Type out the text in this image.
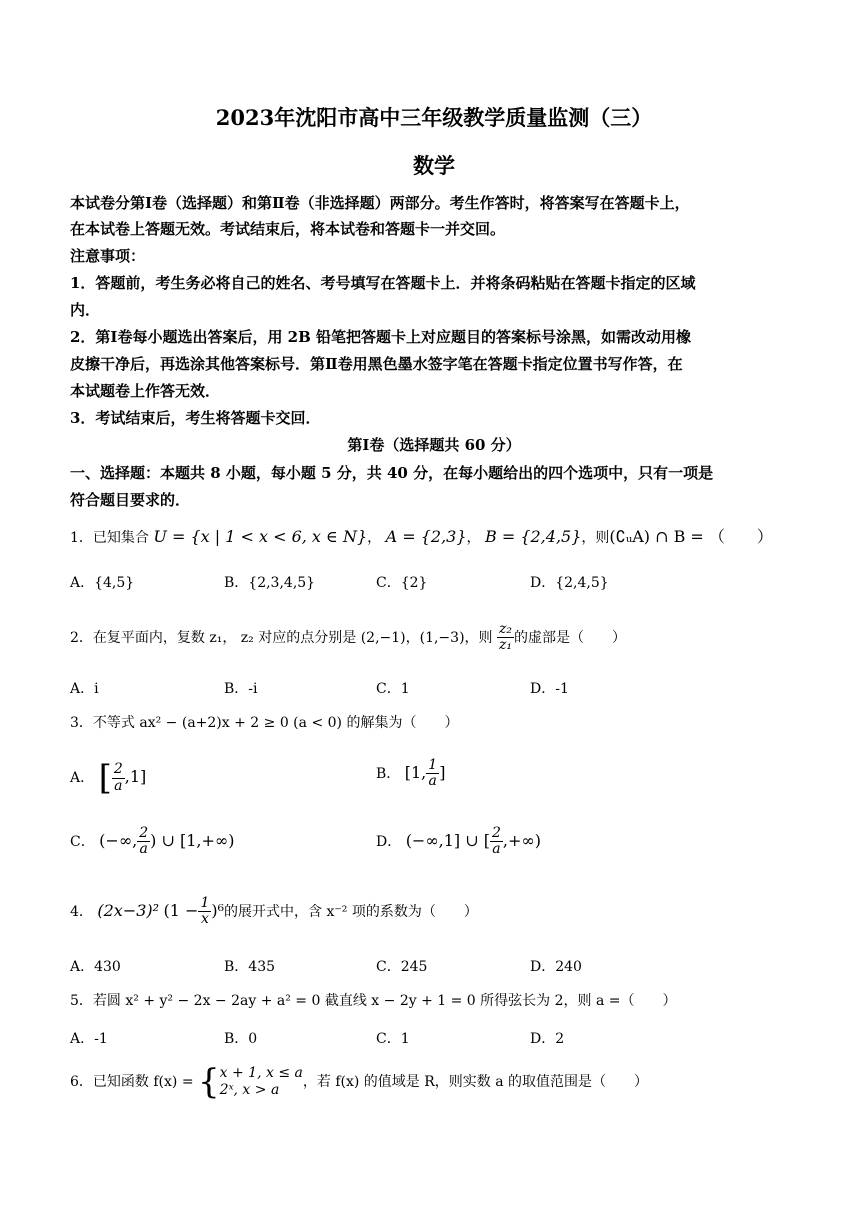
2023年沈阳市高中三年级教学质量监测（三）
数学
本试卷分第Ⅰ卷（选择题）和第Ⅱ卷（非选择题）两部分。考生作答时，将答案写在答题卡上，
在本试卷上答题无效。考试结束后，将本试卷和答题卡一并交回。
注意事项：
1．答题前，考生务必将自己的姓名、考号填写在答题卡上．并将条码粘贴在答题卡指定的区域
内．
2．第Ⅰ卷每小题选出答案后，用 2B 铅笔把答题卡上对应题目的答案标号涂黑，如需改动用橡
皮擦干净后，再选涂其他答案标号．第Ⅱ卷用黑色墨水签字笔在答题卡指定位置书写作答，在
本试题卷上作答无效．
3．考试结束后，考生将答题卡交回．
第Ⅰ卷（选择题共 60 分）
一、选择题：本题共 8 小题，每小题 5 分，共 40 分，在每小题给出的四个选项中，只有一项是
符合题目要求的．
1．已知集合 U = {x | 1 < x < 6, x ∈ N}， A = {2,3}， B = {2,4,5}，则(∁ᵤA) ∩ B = （　　）
A．{4,5}	B．{2,3,4,5}	C．{2}	D．{2,4,5}
2．在复平面内，复数 z₁， z₂ 对应的点分别是 (2,−1)，(1,−3)，则 $\frac{\text{z₂}}{\text{z₁}}$ 的虚部是（　　）
A．i	B．-i	C．1	D．-1
3．不等式 ax² − (a+2)x + 2 ≥ 0 (a < 0) 的解集为（　　）
A． [ $\frac{2}{a} ,1$]	B． [1, $\frac{1}{a}$ ]
C． (−∞, $\frac{2}{a}$ ) ∪ [1,+∞)	D． (−∞,1] ∪ [ $\frac{2}{a}$ ,+∞)
4． (2x−3)² $(1 - \frac{1}{x} )^6$的展开式中，含 x⁻² 项的系数为（　　）
A．430	B．435	C．245	D．240
5．若圆 x² + y² − 2x − 2ay + a² = 0 截直线 x − 2y + 1 = 0 所得弦长为 2，则 a =（　　）
A．-1	B．0	C．1	D．2
6．已知函数 f(x) = { x + 1, x ≤ a
2ˣ, x > a	，若 f(x) 的值域是 R，则实数 a 的取值范围是（　　）
